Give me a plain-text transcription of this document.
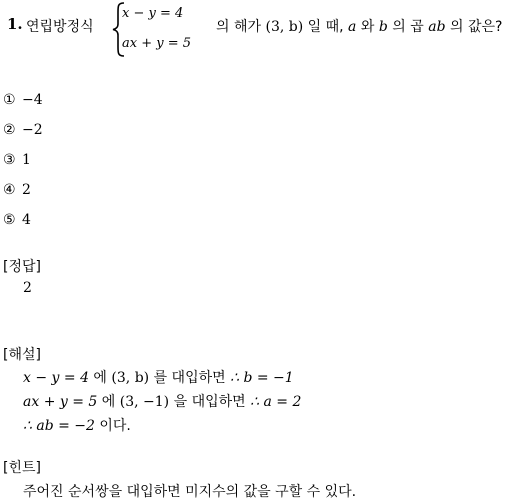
1. 연립방정식
x − y = 4
ax + y = 5
의 해가 (3, b) 일 때, a 와 b 의 곱 ab 의 값은?
① −4
② −2
③ 1
④ 2
⑤ 4
[정답]
2
[해설]
x − y = 4 에 (3, b) 를 대입하면 ∴ b = −1
ax + y = 5 에 (3, −1) 을 대입하면 ∴ a = 2
∴ ab = −2 이다.
[힌트]
주어진 순서쌍을 대입하면 미지수의 값을 구할 수 있다.
